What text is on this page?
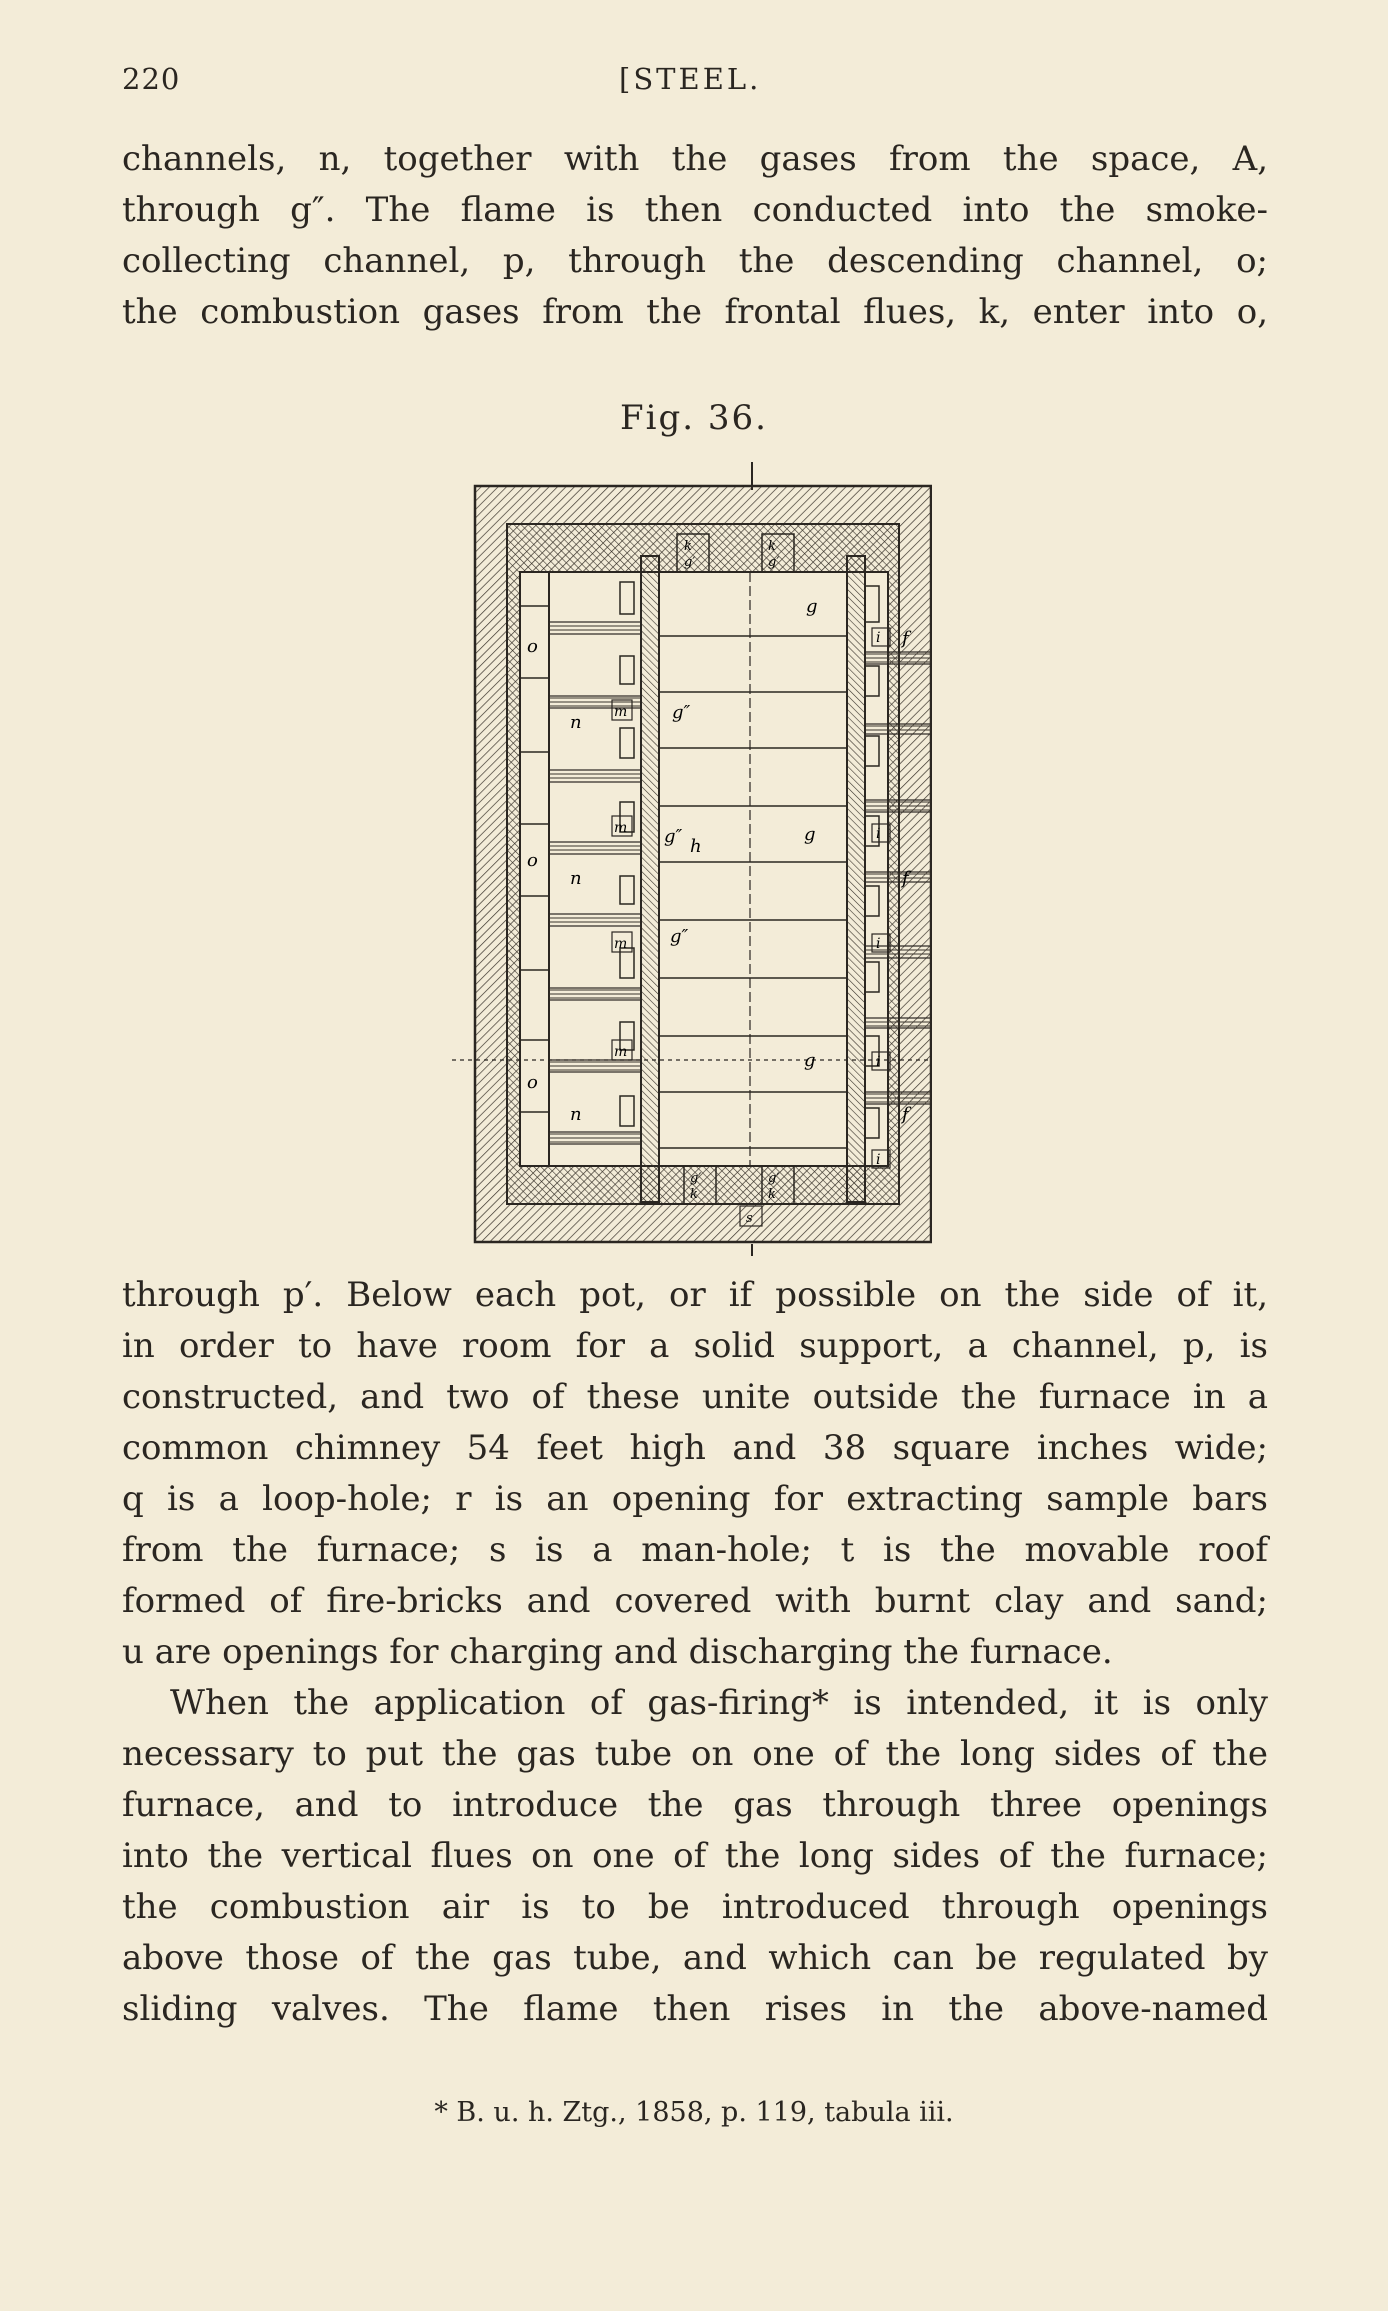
220	[STEEL.
channels, n, together with the gases from the space, A,
through g″. The flame is then conducted into the smoke-
collecting channel, p, through the descending channel, o;
the combustion gases from the frontal flues, k, enter into o,
Fig. 36.
o
o
o
n
n
n
m
m
m
m
g″
g″
g″
h
g
g
g
i
i
i
i
i
f
f
f
k	k
g′	g′
g′	g′
k	k
s
through p′. Below each pot, or if possible on the side of it,
in order to have room for a solid support, a channel, p, is
constructed, and two of these unite outside the furnace in a
common chimney 54 feet high and 38 square inches wide;
q is a loop-hole; r is an opening for extracting sample bars
from the furnace; s is a man-hole; t is the movable roof
formed of fire-bricks and covered with burnt clay and sand;
u are openings for charging and discharging the furnace.
When the application of gas-firing* is intended, it is only
necessary to put the gas tube on one of the long sides of the
furnace, and to introduce the gas through three openings
into the vertical flues on one of the long sides of the furnace;
the combustion air is to be introduced through openings
above those of the gas tube, and which can be regulated by
sliding valves. The flame then rises in the above-named
* B. u. h. Ztg., 1858, p. 119, tabula iii.
